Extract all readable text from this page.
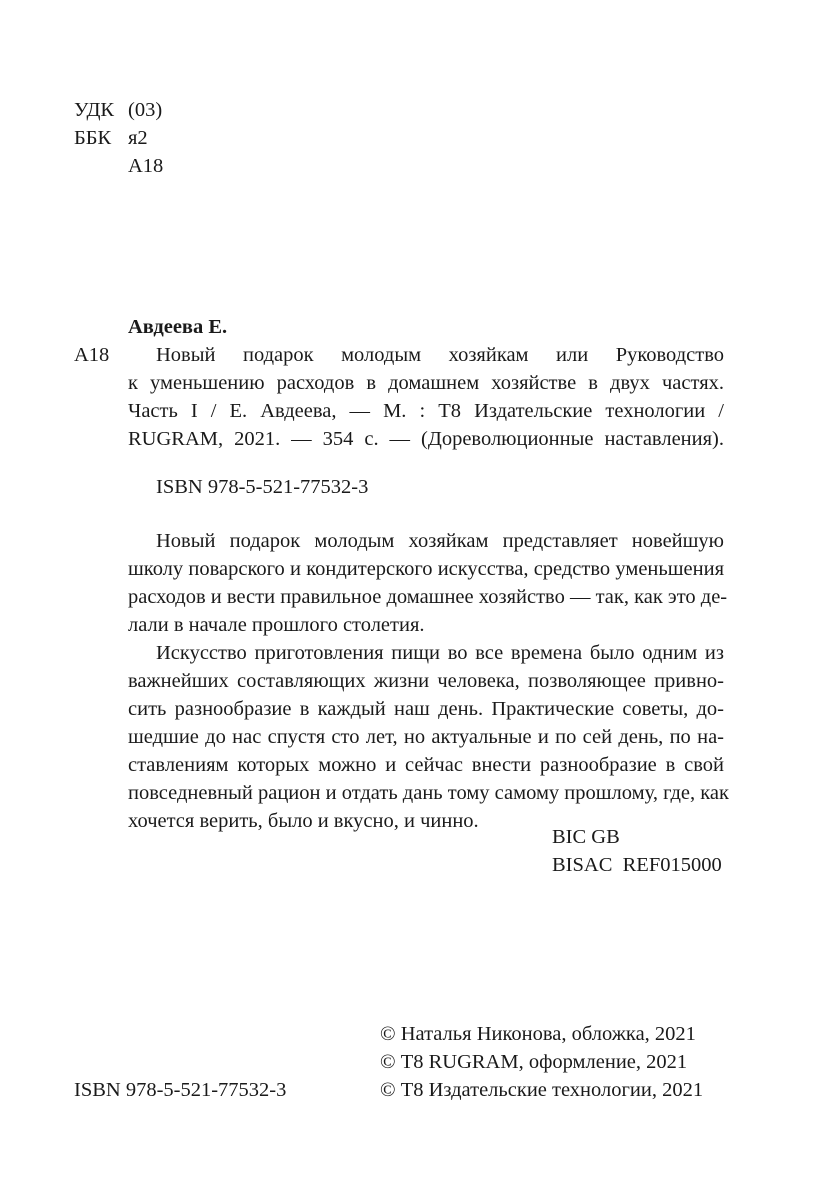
УДК (03)
ББК я2
А18
Авдеева Е.
А18	Новый подарок молодым хозяйкам или Руководство
к уменьшению расходов в домашнем хозяйстве в двух частях.
Часть I / Е. Авдеева, — М. : Т8 Издательские технологии /
RUGRAM, 2021. — 354 с. — (Дореволюционные наставления).
ISBN 978-5-521-77532-3

Новый подарок молодым хозяйкам представляет новейшую
школу поварского и кондитерского искусства, средство уменьшения
расходов и вести правильное домашнее хозяйство — так, как это де-
лали в начале прошлого столетия.

Искусство приготовления пищи во все времена было одним из
важнейших составляющих жизни человека, позволяющее привно-
сить разнообразие в каждый наш день. Практические советы, до-
шедшие до нас спустя сто лет, но актуальные и по сей день, по на-
ставлениям которых можно и сейчас внести разнообразие в свой
повседневный рацион и отдать дань тому самому прошлому, где, как
хочется верить, было и вкусно, и чинно.

BIC GB
BISAC  REF015000
© Наталья Никонова, обложка, 2021
© Т8 RUGRAM, оформление, 2021
© Т8 Издательские технологии, 2021
ISBN 978-5-521-77532-3
